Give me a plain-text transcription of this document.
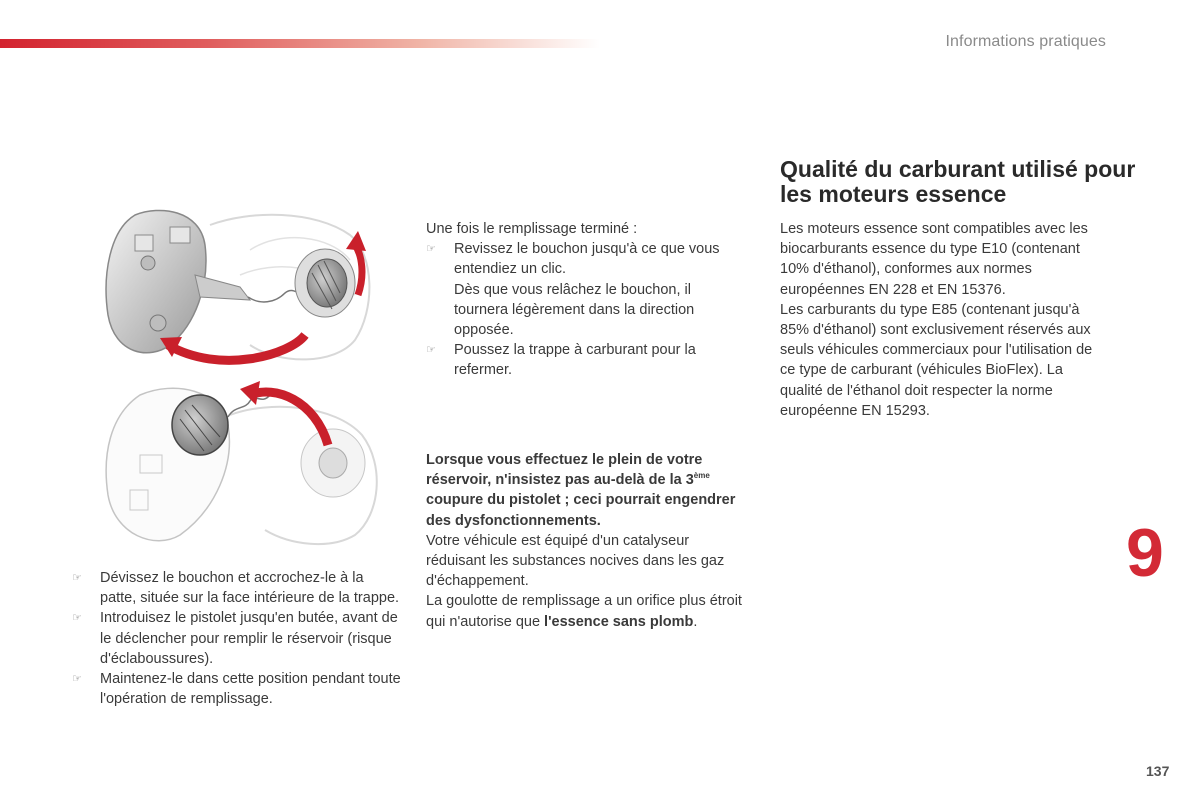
Informations pratiques
☞ Dévissez le bouchon et accrochez-le à la patte, située sur la face intérieure de la trappe.
☞ Introduisez le pistolet jusqu'en butée, avant de le déclencher pour remplir le réservoir (risque d'éclaboussures).
☞ Maintenez-le dans cette position pendant toute l'opération de remplissage.

Une fois le remplissage terminé :

☞ Revissez le bouchon jusqu'à ce que vous entendiez un clic.
Dès que vous relâchez le bouchon, il tournera légèrement dans la direction opposée.
☞ Poussez la trappe à carburant pour la refermer.

Lorsque vous effectuez le plein de votre réservoir, n'insistez pas au-delà de la 3ème coupure du pistolet ; ceci pourrait engendrer des dysfonctionnements.

Votre véhicule est équipé d'un catalyseur réduisant les substances nocives dans les gaz d'échappement.

La goulotte de remplissage a un orifice plus étroit qui n'autorise que l'essence sans plomb.

Qualité du carburant utilisé pour les moteurs essence

Les moteurs essence sont compatibles avec les biocarburants essence du type E10 (contenant 10% d'éthanol), conformes aux normes européennes EN 228 et EN 15376.

Les carburants du type E85 (contenant jusqu'à 85% d'éthanol) sont exclusivement réservés aux seuls véhicules commerciaux pour l'utilisation de ce type de carburant (véhicules BioFlex). La qualité de l'éthanol doit respecter la norme européenne EN 15293.

9
137
